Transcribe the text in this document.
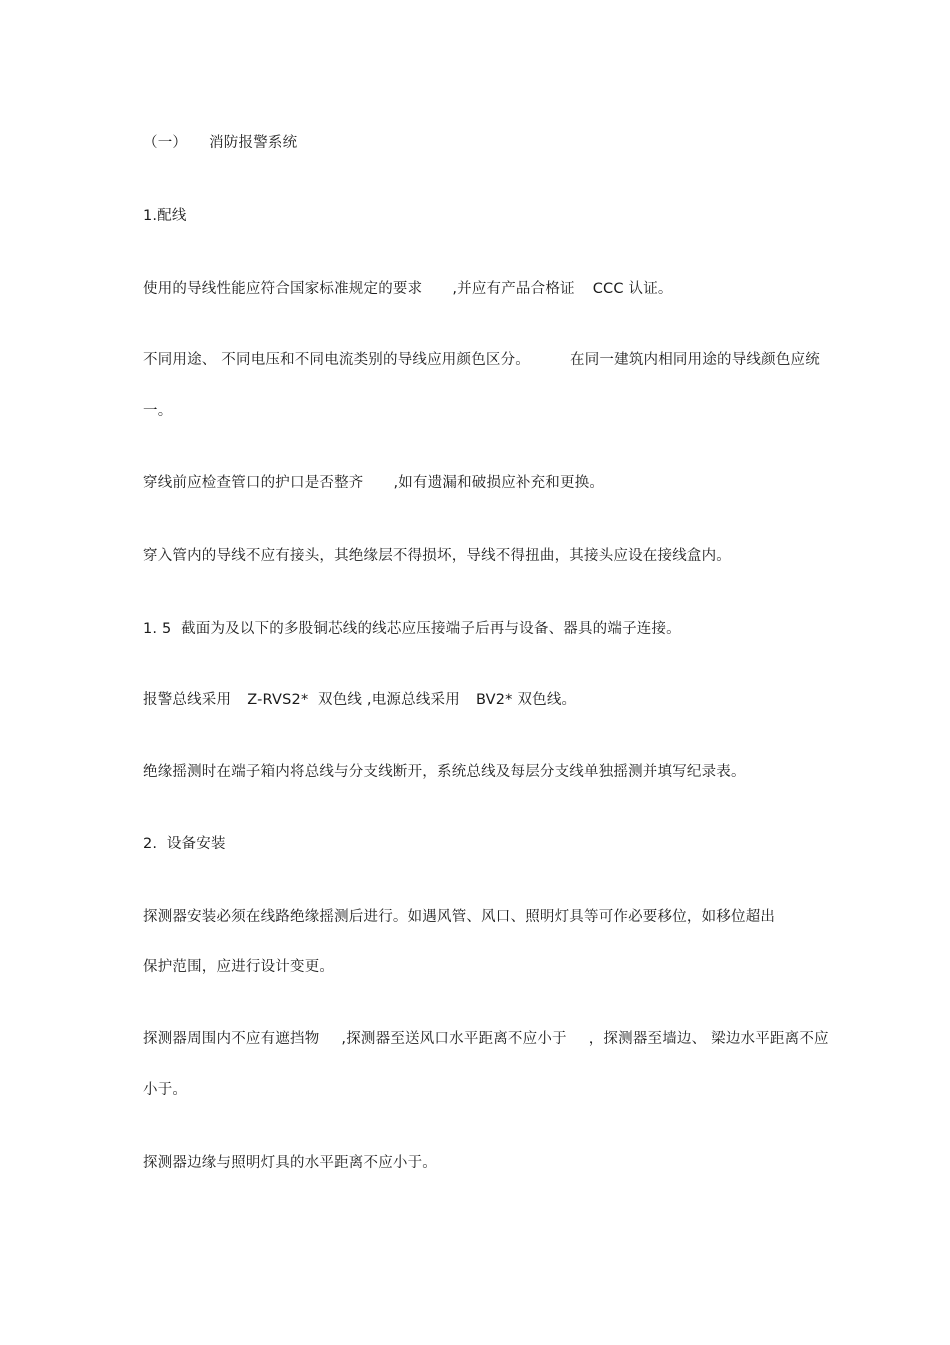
（一） 消防报警系统
1.配线
使用的导线性能应符合国家标准规定的要求 ,并应有产品合格证 CCC 认证。
不同用途、 不同电压和不同电流类别的导线应用颜色区分。	在同一建筑内相同用途的导线颜色应统
一。
穿线前应检查管口的护口是否整齐 ,如有遗漏和破损应补充和更换。
穿入管内的导线不应有接头，其绝缘层不得损坏，导线不得扭曲，其接头应设在接线盒内。
1. 5  截面为及以下的多股铜芯线的线芯应压接端子后再与设备、器具的端子连接。
报警总线采用 Z-RVS2*  双色线 ,电源总线采用 BV2* 双色线。
绝缘摇测时在端子箱内将总线与分支线断开，系统总线及每层分支线单独摇测并填写纪录表。
2.  设备安装
探测器安装必须在线路绝缘摇测后进行。如遇风管、风口、照明灯具等可作必要移位，如移位超出
保护范围，应进行设计变更。
探测器周围内不应有遮挡物 ,探测器至送风口水平距离不应小于 ，探测器至墙边、 梁边水平距离不应
小于。
探测器边缘与照明灯具的水平距离不应小于。
